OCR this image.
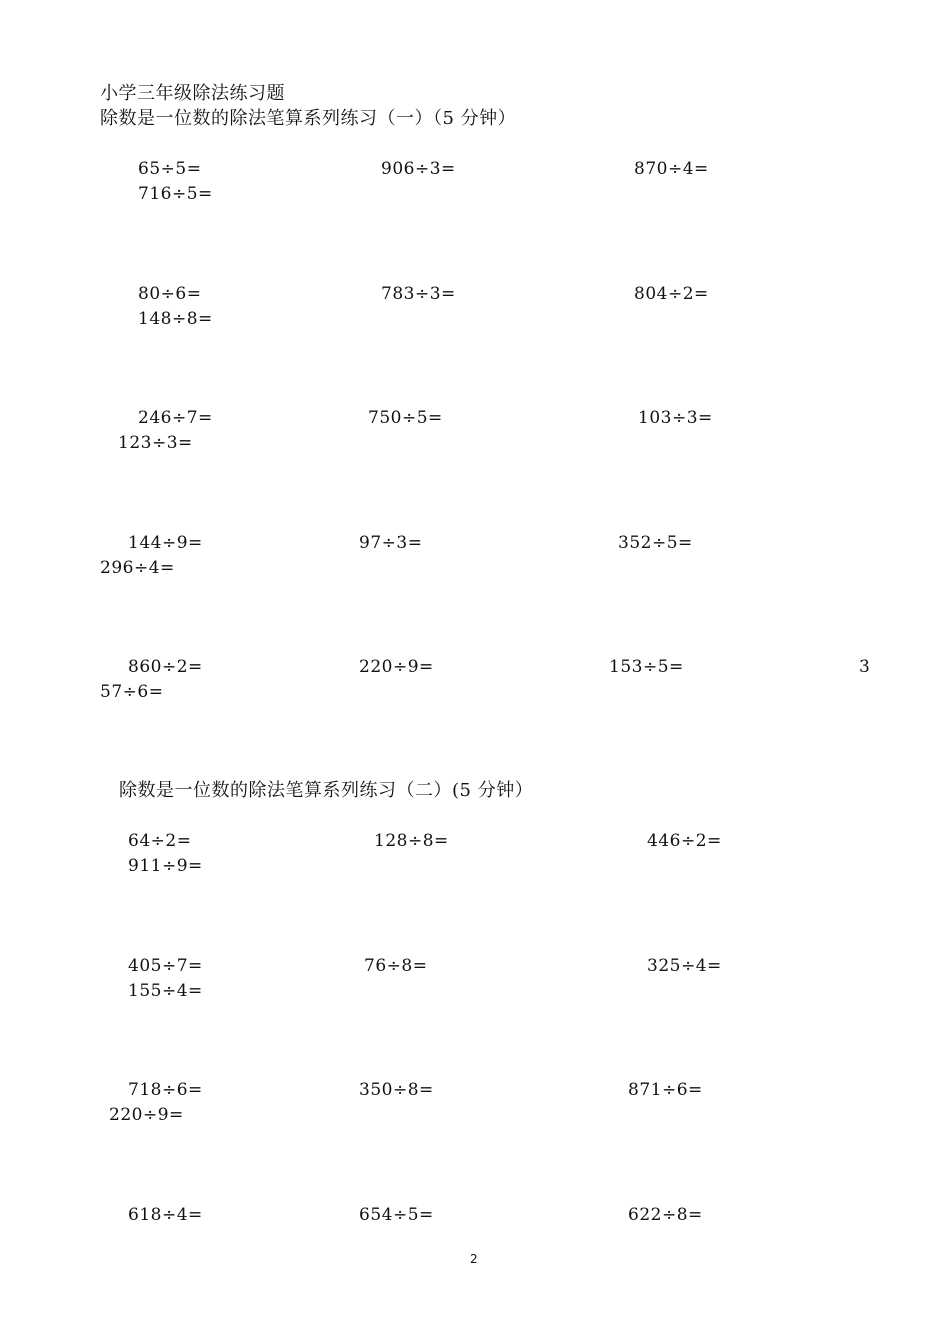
小学三年级除法练习题
除数是一位数的除法笔算系列练习（一）（5 分钟）
65÷5=	906÷3=	870÷4=
716÷5=
80÷6=	783÷3=	804÷2=
148÷8=
246÷7=	750÷5=	103÷3=
123÷3=
144÷9=	97÷3=	352÷5=
296÷4=
860÷2=	220÷9=	153÷5=	3
57÷6=
除数是一位数的除法笔算系列练习（二）(5 分钟）
64÷2=	128÷8=	446÷2=
911÷9=
405÷7=	76÷8=	325÷4=
155÷4=
718÷6=	350÷8=	871÷6=
220÷9=
618÷4=	654÷5=	622÷8=
2
